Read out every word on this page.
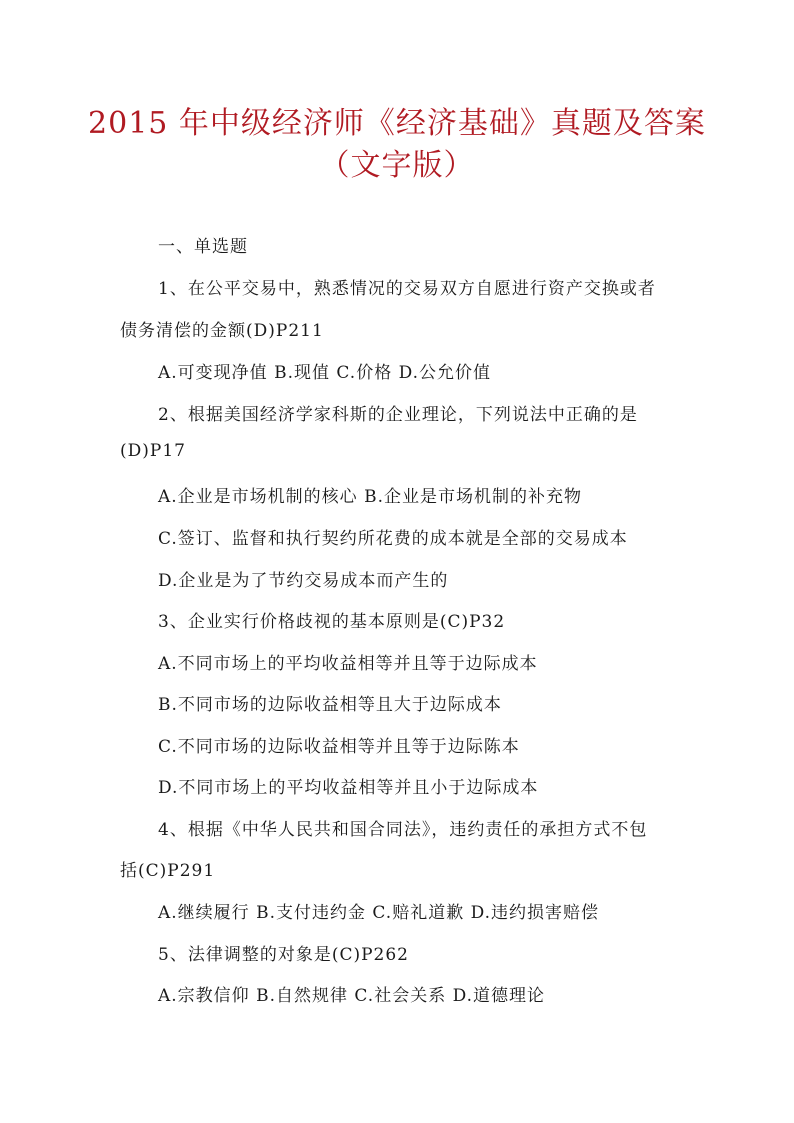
2015 年中级经济师《经济基础》真题及答案
（文字版）
一、单选题
1、在公平交易中，熟悉情况的交易双方自愿进行资产交换或者
债务清偿的金额(D)P211
A.可变现净值 B.现值 C.价格 D.公允价值
2、根据美国经济学家科斯的企业理论，下列说法中正确的是
(D)P17
A.企业是市场机制的核心 B.企业是市场机制的补充物
C.签订、监督和执行契约所花费的成本就是全部的交易成本
D.企业是为了节约交易成本而产生的
3、企业实行价格歧视的基本原则是(C)P32
A.不同市场上的平均收益相等并且等于边际成本
B.不同市场的边际收益相等且大于边际成本
C.不同市场的边际收益相等并且等于边际陈本
D.不同市场上的平均收益相等并且小于边际成本
4、根据《中华人民共和国合同法》，违约责任的承担方式不包
括(C)P291
A.继续履行 B.支付违约金 C.赔礼道歉 D.违约损害赔偿
5、法律调整的对象是(C)P262
A.宗教信仰 B.自然规律 C.社会关系 D.道德理论
